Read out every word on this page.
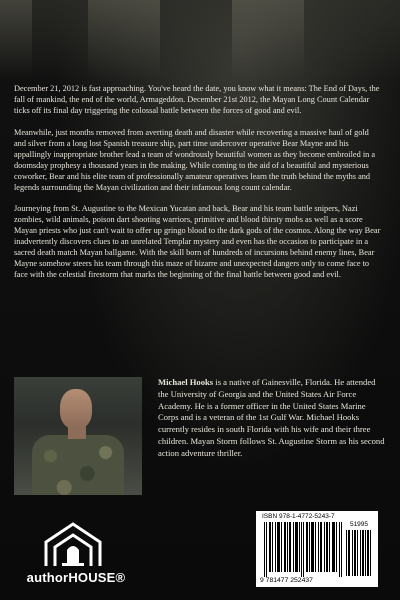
December 21, 2012 is fast approaching. You've heard the date, you know what it means: The End of Days, the fall of mankind, the end of the world, Armageddon. December 21st 2012, the Mayan Long Count Calendar ticks off its final day triggering the colossal battle between the forces of good and evil.

Meanwhile, just months removed from averting death and disaster while recovering a massive haul of gold and silver from a long lost Spanish treasure ship, part time undercover operative Bear Mayne and his appallingly inappropriate brother lead a team of wondrously beautiful women as they become embroiled in a doomsday prophesy a thousand years in the making. While coming to the aid of a beautiful and mysterious coworker, Bear and his elite team of professionally amateur operatives learn the truth behind the myths and legends surrounding the Mayan civilization and their infamous long count calendar.

Journeying from St. Augustine to the Mexican Yucatan and back, Bear and his team battle snipers, Nazi zombies, wild animals, poison dart shooting warriors, primitive and blood thirsty mobs as well as a score Mayan priests who just can't wait to offer up gringo blood to the dark gods of the cosmos. Along the way Bear inadvertently discovers clues to an unrelated Templar mystery and even has the occasion to participate in a sacred death match Mayan ballgame. With the skill born of hundreds of incursions behind enemy lines, Bear Mayne somehow steers his team through this maze of bizarre and unexpected dangers only to come face to face with the celestial firestorm that marks the beginning of the final battle between good and evil.

Michael Hooks is a native of Gainesville, Florida. He attended the University of Georgia and the United States Air Force Academy. He is a former officer in the United States Marine Corps and is a veteran of the 1st Gulf War. Michael Hooks currently resides in south Florida with his wife and their three children. Mayan Storm follows St. Augustine Storm as his second action adventure thriller.

authorHOUSE®
ISBN 978-1-4772-5243-7
51995
9 781477 252437
